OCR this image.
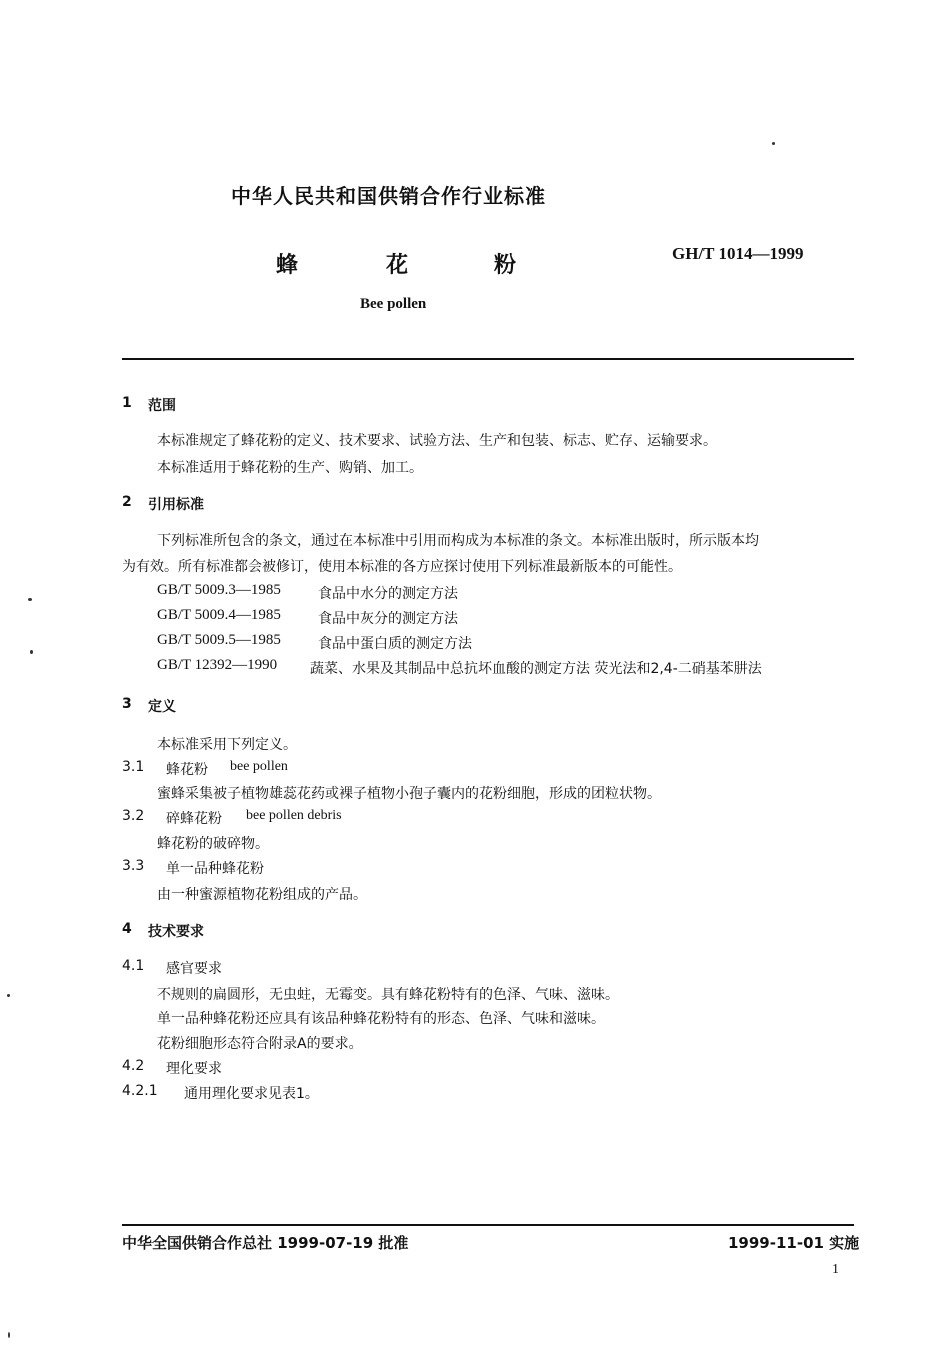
中华人民共和国供销合作行业标准
GH/T 1014—1999
蜂	花	粉
Bee pollen
1 范围
本标准规定了蜂花粉的定义、技术要求、试验方法、生产和包装、标志、贮存、运输要求。
本标准适用于蜂花粉的生产、购销、加工。
2 引用标准
下列标准所包含的条文，通过在本标准中引用而构成为本标准的条文。本标准出版时，所示版本均
为有效。所有标准都会被修订，使用本标准的各方应探讨使用下列标准最新版本的可能性。
GB/T 5009.3—1985	食品中水分的测定方法
GB/T 5009.4—1985	食品中灰分的测定方法
GB/T 5009.5—1985	食品中蛋白质的测定方法
GB/T 12392—1990 蔬菜、水果及其制品中总抗坏血酸的测定方法 荧光法和2,4-二硝基苯肼法
3 定义
本标准采用下列定义。
3.1 蜂花粉 bee pollen
蜜蜂采集被子植物雄蕊花药或裸子植物小孢子囊内的花粉细胞，形成的团粒状物。
3.2 碎蜂花粉 bee pollen debris
蜂花粉的破碎物。
3.3 单一品种蜂花粉
由一种蜜源植物花粉组成的产品。
4 技术要求
4.1 感官要求
不规则的扁圆形，无虫蛀，无霉变。具有蜂花粉特有的色泽、气味、滋味。
单一品种蜂花粉还应具有该品种蜂花粉特有的形态、色泽、气味和滋味。
花粉细胞形态符合附录A的要求。
4.2 理化要求
4.2.1 通用理化要求见表1。
中华全国供销合作总社 1999-07-19 批准	1999-11-01 实施
1
